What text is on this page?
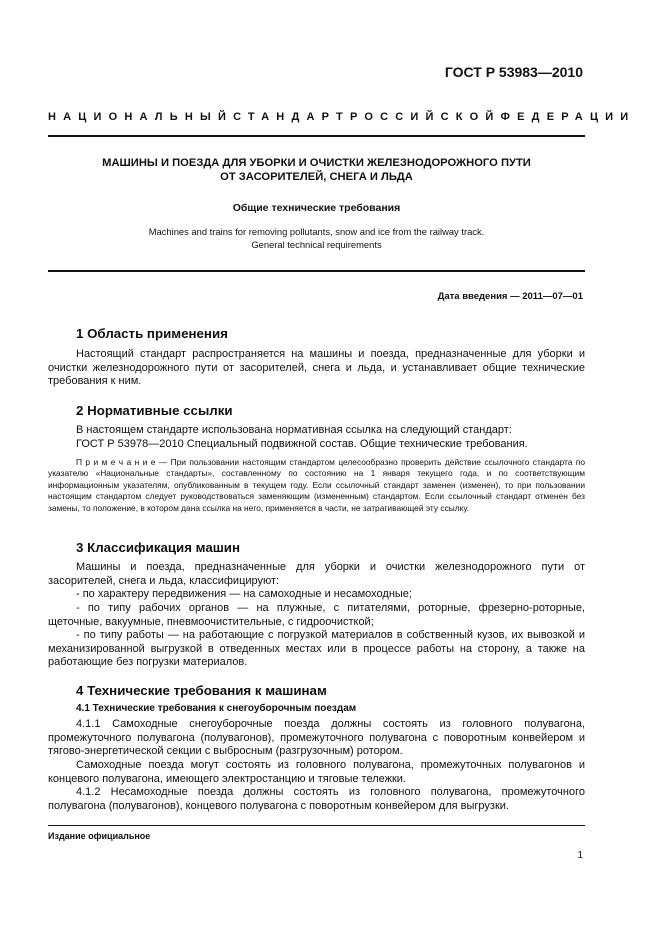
ГОСТ Р 53983—2010
НАЦИОНАЛЬНЫЙ СТАНДАРТ РОССИЙСКОЙ ФЕДЕРАЦИИ
МАШИНЫ И ПОЕЗДА ДЛЯ УБОРКИ И ОЧИСТКИ ЖЕЛЕЗНОДОРОЖНОГО ПУТИ
ОТ ЗАСОРИТЕЛЕЙ, СНЕГА И ЛЬДА
Общие технические требования
Machines and trains for removing pollutants, snow and ice from the railway track.
General technical requirements
Дата введения — 2011—07—01
1 Область применения
Настоящий стандарт распространяется на машины и поезда, предназначенные для уборки и очистки железнодорожного пути от засорителей, снега и льда, и устанавливает общие технические требования к ним.
2 Нормативные ссылки
В настоящем стандарте использована нормативная ссылка на следующий стандарт:
ГОСТ Р 53978—2010 Специальный подвижной состав. Общие технические требования.
П р и м е ч а н и е — При пользовании настоящим стандартом целесообразно проверить действие ссылочного стандарта по указателю «Национальные стандарты», составленному по состоянию на 1 января текущего года, и по соответствующим информационным указателям, опубликованным в текущем году. Если ссылочный стандарт заменен (изменен), то при пользовании настоящим стандартом следует руководствоваться заменяющим (измененным) стандартом. Если ссылочный стандарт отменен без замены, то положение, в котором дана ссылка на него, применяется в части, не затрагивающей эту ссылку.
3 Классификация машин
Машины и поезда, предназначенные для уборки и очистки железнодорожного пути от засорителей, снега и льда, классифицируют:
- по характеру передвижения — на самоходные и несамоходные;
- по типу рабочих органов — на плужные, с питателями, роторные, фрезерно-роторные, щеточные, вакуумные, пневмоочистительные, с гидроочисткой;
- по типу работы — на работающие с погрузкой материалов в собственный кузов, их вывозкой и механизированной выгрузкой в отведенных местах или в процессе работы на сторону, а также на работающие без погрузки материалов.
4 Технические требования к машинам
4.1 Технические требования к снегоуборочным поездам
4.1.1 Самоходные снегоуборочные поезда должны состоять из головного полувагона, промежуточного полувагона (полувагонов), промежуточного полувагона с поворотным конвейером и тягово-энергетической секции с выбросным (разгрузочным) ротором.
Самоходные поезда могут состоять из головного полувагона, промежуточных полувагонов и концевого полувагона, имеющего электростанцию и тяговые тележки.
4.1.2 Несамоходные поезда должны состоять из головного полувагона, промежуточного полувагона (полувагонов), концевого полувагона с поворотным конвейером для выгрузки.
Издание официальное
1
